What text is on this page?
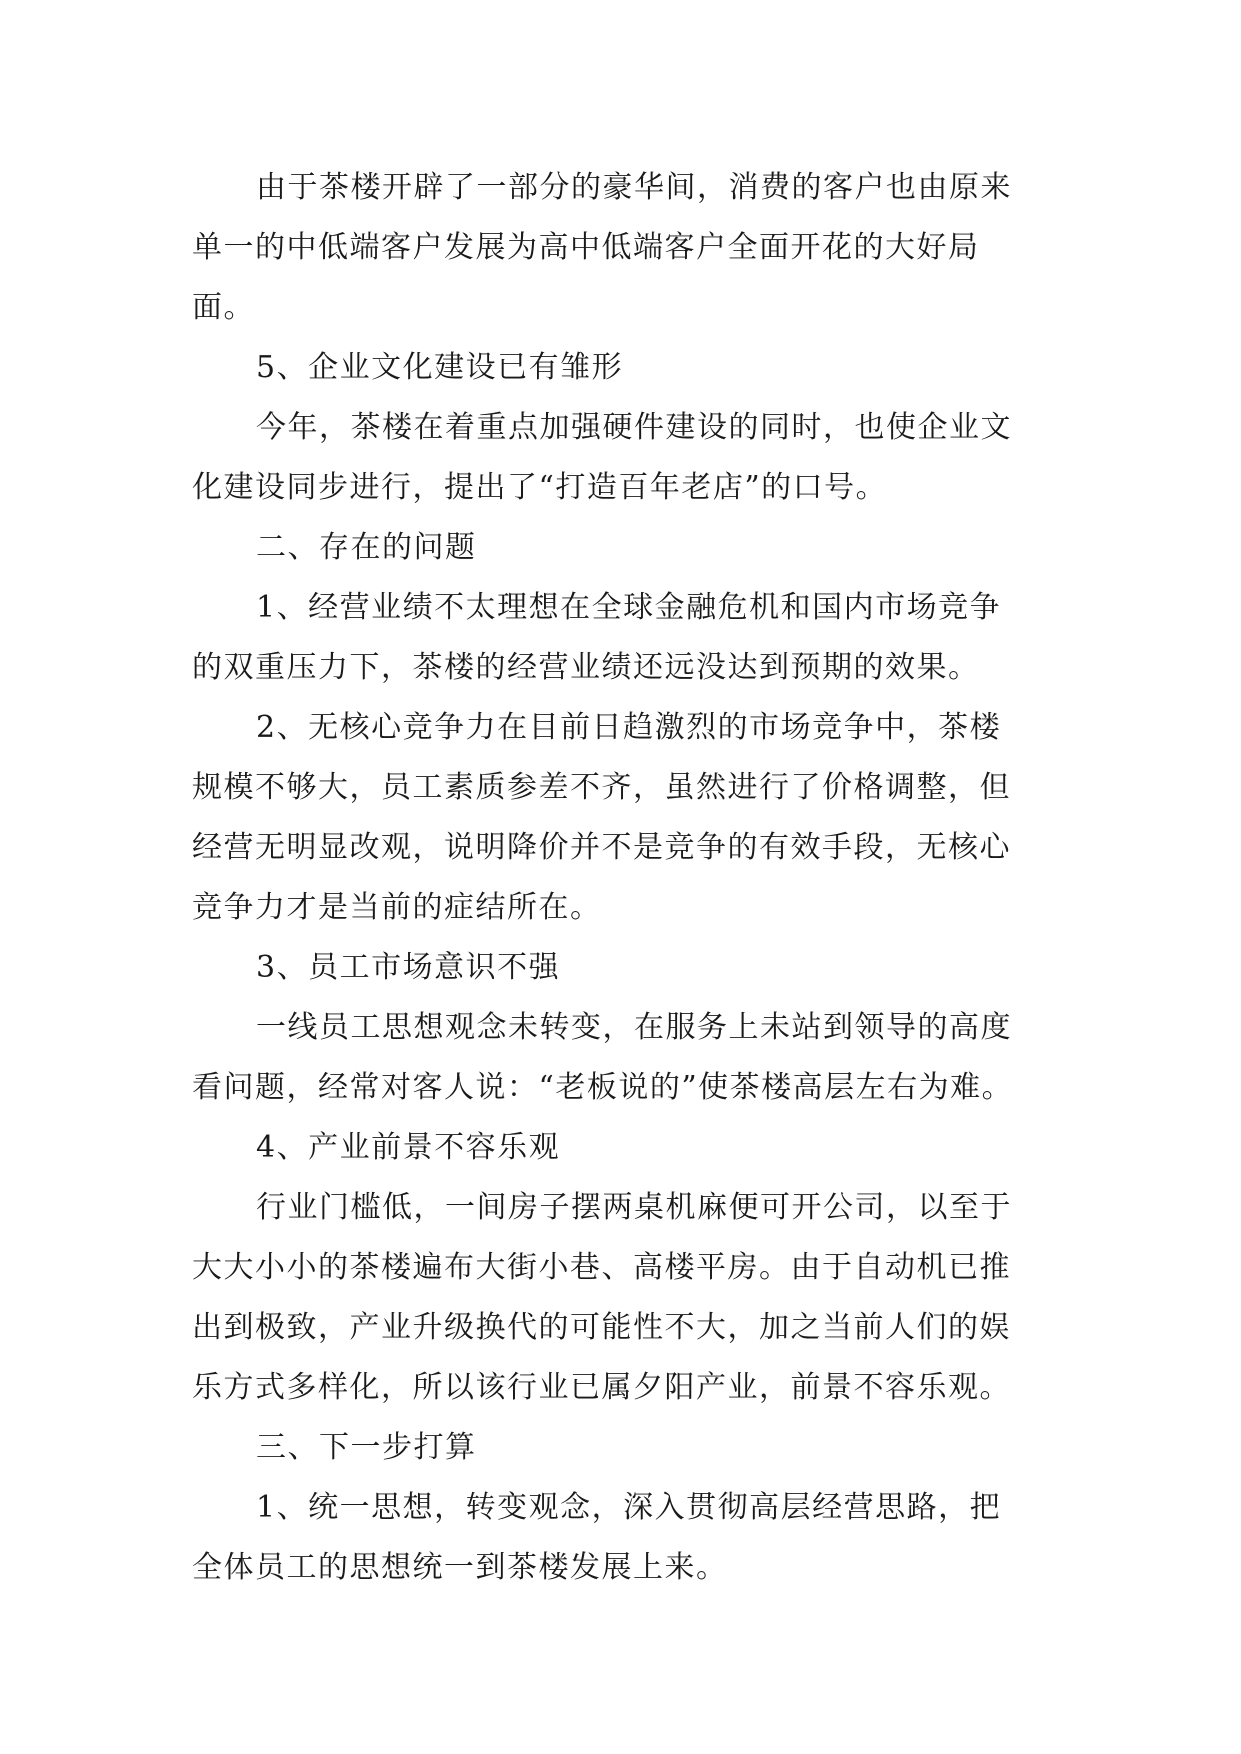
由于茶楼开辟了一部分的豪华间，消费的客户也由原来
单一的中低端客户发展为高中低端客户全面开花的大好局
面。

5、企业文化建设已有雏形

今年，茶楼在着重点加强硬件建设的同时，也使企业文
化建设同步进行，提出了“打造百年老店”的口号。

二、存在的问题

1、经营业绩不太理想在全球金融危机和国内市场竞争
的双重压力下，茶楼的经营业绩还远没达到预期的效果。

2、无核心竞争力在目前日趋激烈的市场竞争中，茶楼
规模不够大，员工素质参差不齐，虽然进行了价格调整，但
经营无明显改观，说明降价并不是竞争的有效手段，无核心
竞争力才是当前的症结所在。

3、员工市场意识不强

一线员工思想观念未转变，在服务上未站到领导的高度
看问题，经常对客人说：“老板说的”使茶楼高层左右为难。

4、产业前景不容乐观

行业门槛低，一间房子摆两桌机麻便可开公司，以至于
大大小小的茶楼遍布大街小巷、高楼平房。由于自动机已推
出到极致，产业升级换代的可能性不大，加之当前人们的娱
乐方式多样化，所以该行业已属夕阳产业，前景不容乐观。

三、下一步打算

1、统一思想，转变观念，深入贯彻高层经营思路，把
全体员工的思想统一到茶楼发展上来。
